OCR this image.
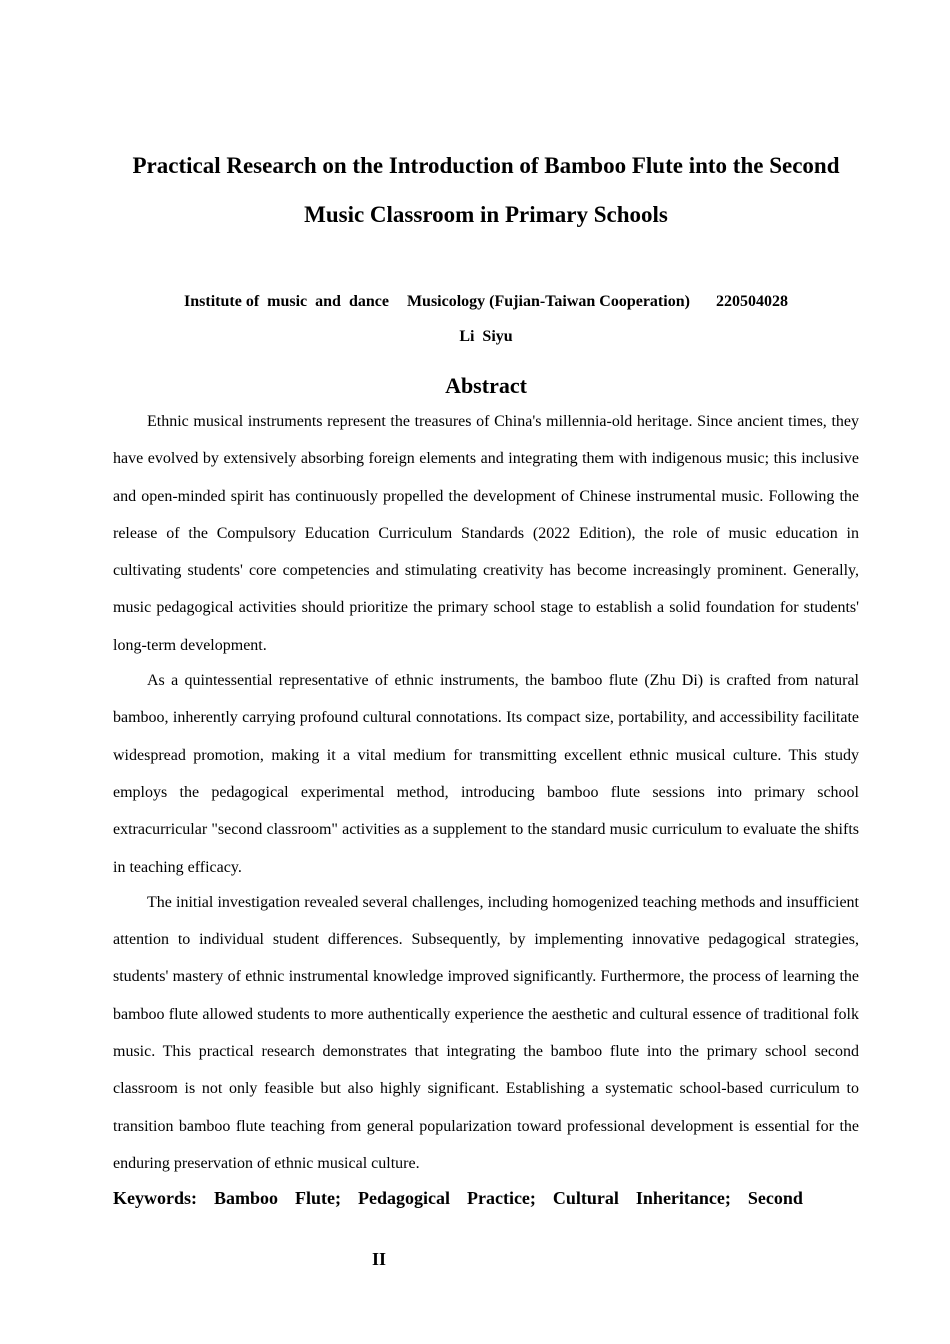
Practical Research on the Introduction of Bamboo Flute into the Second
Music Classroom in Primary Schools
Institute of  music  and  dance Musicology (Fujian-Taiwan Cooperation) 220504028
Li  Siyu
Abstract

Ethnic musical instruments represent the treasures of China's millennia-old heritage. Since ancient times, they have evolved by extensively absorbing foreign elements and integrating them with indigenous music; this inclusive and open-minded spirit has continuously propelled the development of Chinese instrumental music. Following the release of the Compulsory Education Curriculum Standards (2022 Edition), the role of music education in cultivating students' core competencies and stimulating creativity has become increasingly prominent. Generally, music pedagogical activities should prioritize the primary school stage to establish a solid foundation for students' long-term development.

As a quintessential representative of ethnic instruments, the bamboo flute (Zhu Di) is crafted from natural bamboo, inherently carrying profound cultural connotations. Its compact size, portability, and accessibility facilitate widespread promotion, making it a vital medium for transmitting excellent ethnic musical culture. This study employs the pedagogical experimental method, introducing bamboo flute sessions into primary school extracurricular "second classroom" activities as a supplement to the standard music curriculum to evaluate the shifts in teaching efficacy.

The initial investigation revealed several challenges, including homogenized teaching methods and insufficient attention to individual student differences. Subsequently, by implementing innovative pedagogical strategies, students' mastery of ethnic instrumental knowledge improved significantly. Furthermore, the process of learning the bamboo flute allowed students to more authentically experience the aesthetic and cultural essence of traditional folk music. This practical research demonstrates that integrating the bamboo flute into the primary school second classroom is not only feasible but also highly significant. Establishing a systematic school-based curriculum to transition bamboo flute teaching from general popularization toward professional development is essential for the enduring preservation of ethnic musical culture.

Keywords:  Bamboo  Flute;  Pedagogical  Practice;  Cultural  Inheritance;  Second
II
